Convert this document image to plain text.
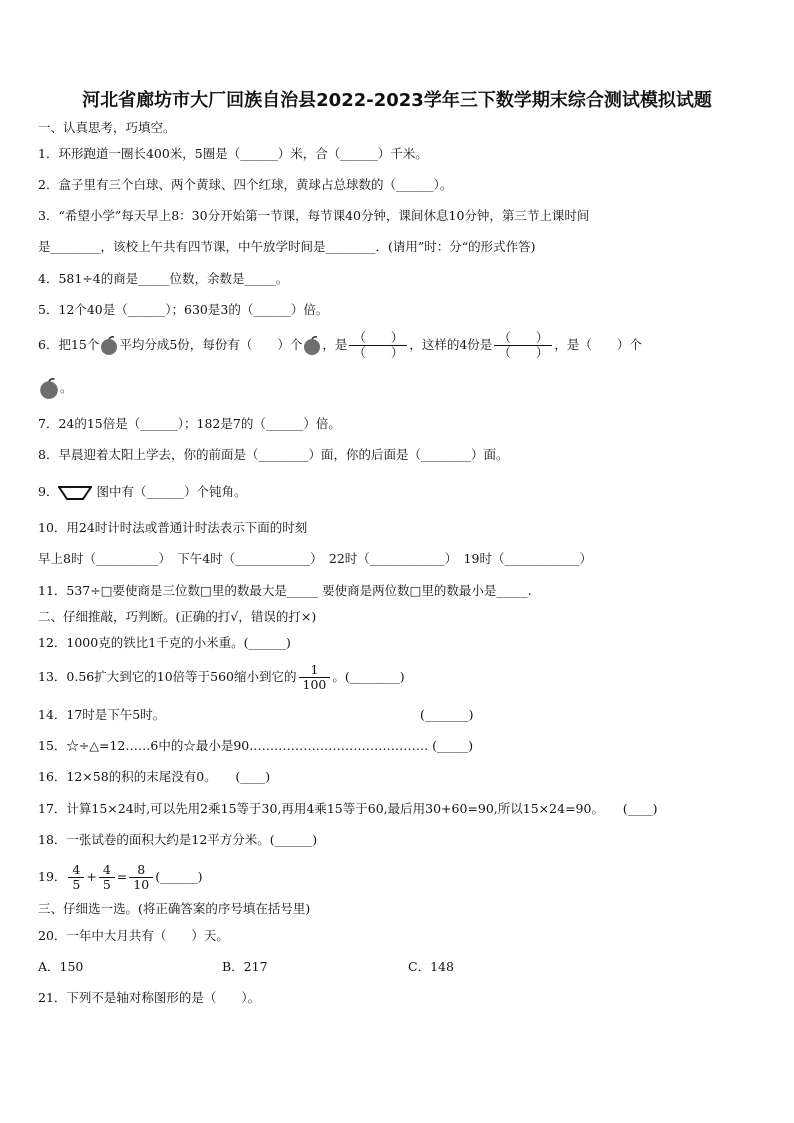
河北省廊坊市大厂回族自治县2022-2023学年三下数学期末综合测试模拟试题
一、认真思考，巧填空。
1．环形跑道一圈长400米，5圈是（______）米，合（______）千米。
2．盒子里有三个白球、两个黄球、四个红球，黄球占总球数的（______）。
3．“希望小学”每天早上8：30分开始第一节课，每节课40分钟，课间休息10分钟，第三节上课时间
是________，该校上午共有四节课，中午放学时间是________．(请用”时：分“的形式作答)
4．581÷4的商是_____位数，余数是_____。
5．12个40是（______）；630是3的（______）倍。
6．把15个 平均分成5份，每份有（　　）个 ，是 $\frac{( )}{( )}$ ，这样的4份是 $\frac{( )}{( )}$ ，是（　　）个
。
7．24的15倍是（______）；182是7的（______）倍。
8．早晨迎着太阳上学去，你的前面是（________）面，你的后面是（________）面。
9．	图中有（______）个钝角。
10．用24时计时法或普通计时法表示下面的时刻
早上8时（__________）　下午4时（____________）　22时（____________）　19时（____________）
11．537÷□要使商是三位数□里的数最大是_____ 要使商是两位数□里的数最小是_____.
二、仔细推敲，巧判断。(正确的打√，错误的打×)
12．1000克的铁比1千克的小米重。(______)
13．0.56扩大到它的10倍等于560缩小到它的 $\frac{1}{100}$ 。(________)
14．17时是下午5时。	(_______)
15．☆÷△=12……6中的☆最小是90.…………………………………… (_____)
16．12×58的积的末尾没有0。　　(____)
17．计算15×24时,可以先用2乘15等于30,再用4乘15等于60,最后用30+60=90,所以15×24=90。　　(____)
18．一张试卷的面积大约是12平方分米。(______)
19． $\frac{4}{5} + \frac{4}{5} = \frac{8}{10}$ (______)
三、仔细选一选。(将正确答案的序号填在括号里)
20．一年中大月共有（　　）天。
A．150	B．217	C．148
21．下列不是轴对称图形的是（　　）。
